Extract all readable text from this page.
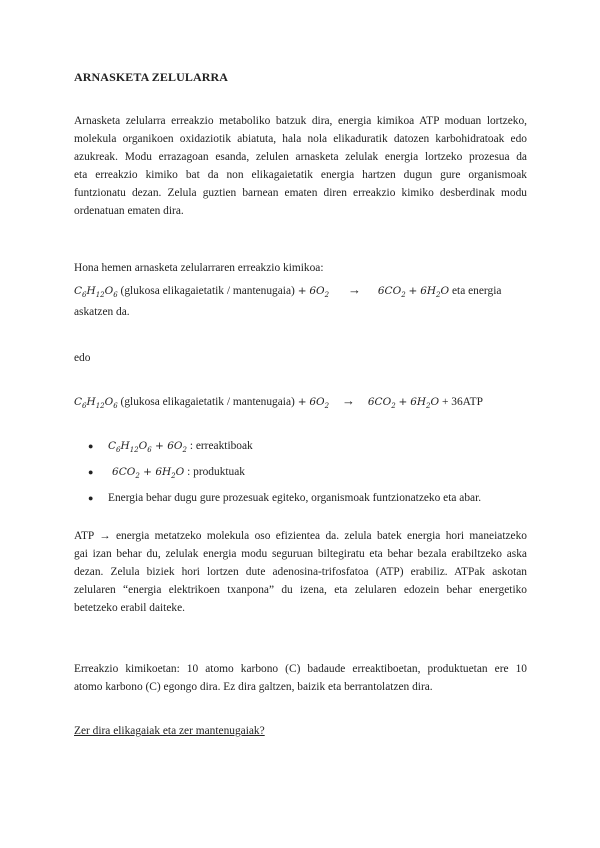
ARNASKETA ZELULARRA
Arnasketa zelularra erreakzio metaboliko batzuk dira, energia kimikoa ATP moduan lortzeko,
molekula organikoen oxidaziotik abiatuta, hala nola elikaduratik datozen karbohidratoak edo
azukreak. Modu errazagoan esanda, zelulen arnasketa zelulak energia lortzeko prozesua da
eta erreakzio kimiko bat da non elikagaietatik energia hartzen dugun gure organismoak
funtzionatu dezan. Zelula guztien barnean ematen diren erreakzio kimiko desberdinak modu
ordenatuan ematen dira.
Hona hemen arnasketa zelularraren erreakzio kimikoa:
$C_6H_{12}O_6$ (glukosa elikagaietatik / mantenugaia) + $6O_2 \to 6CO_2 + 6H_2O$ eta energia
askatzen da.
edo
$C_6H_{12}O_6$ (glukosa elikagaietatik / mantenugaia) + $6O_2 \to 6CO_2 + 6H_2O + 36ATP$
● $C_6H_{12}O_6 + 6O_2$ : erreaktiboak
● $6CO_2 + 6H_2O$ : produktuak
● Energia behar dugu gure prozesuak egiteko, organismoak funtzionatzeko eta abar.
ATP → energia metatzeko molekula oso efizientea da. zelula batek energia hori maneiatzeko
gai izan behar du, zelulak energia modu seguruan biltegiratu eta behar bezala erabiltzeko aska
dezan. Zelula biziek hori lortzen dute adenosina-trifosfatoa (ATP) erabiliz. ATPak askotan
zelularen “energia elektrikoen txanpona” du izena, eta zelularen edozein behar energetiko
betetzeko erabil daiteke.
Erreakzio kimikoetan: 10 atomo karbono (C) badaude erreaktiboetan, produktuetan ere 10
atomo karbono (C) egongo dira. Ez dira galtzen, baizik eta berrantolatzen dira.
Zer dira elikagaiak eta zer mantenugaiak?
